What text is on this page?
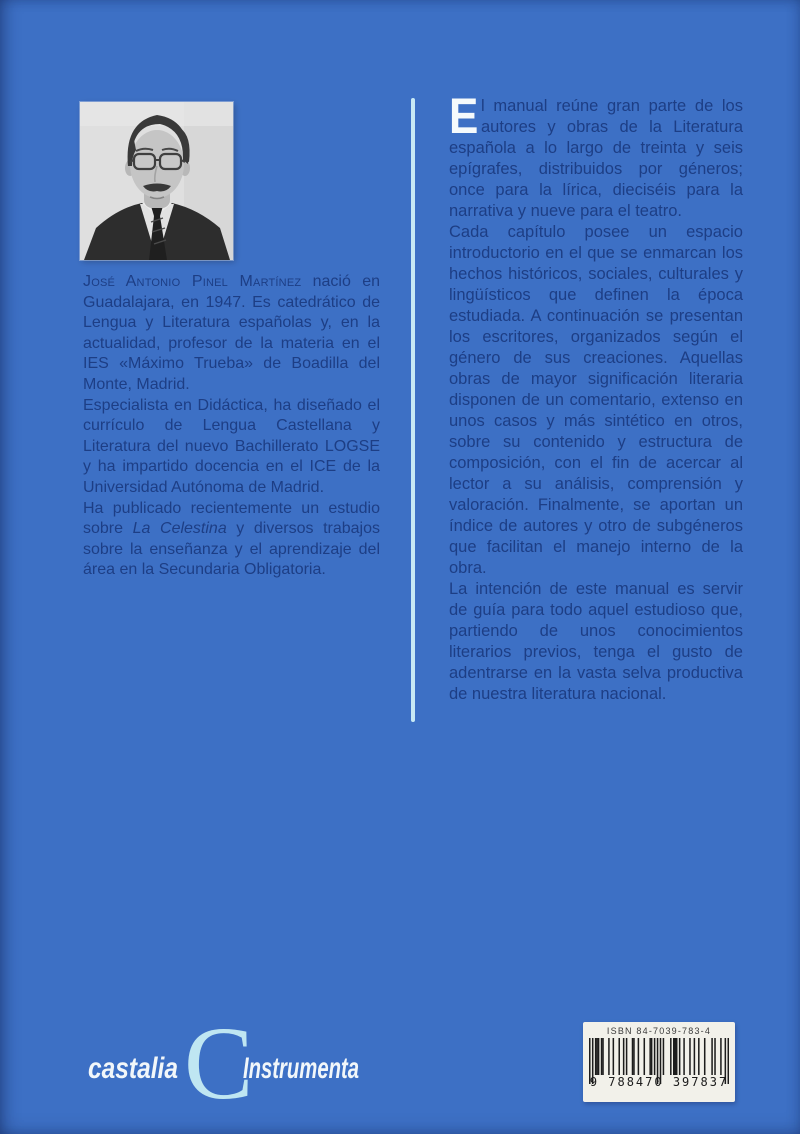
José Antonio Pinel Martínez nació en Guadalajara, en 1947. Es catedrático de Lengua y Literatura españolas y, en la actualidad, profesor de la materia en el IES «Máximo Trueba» de Boadilla del Monte, Madrid.

Especialista en Didáctica, ha diseñado el currículo de Lengua Castellana y Literatura del nuevo Bachillerato LOGSE y ha impartido docencia en el ICE de la Universidad Autónoma de Madrid.

Ha publicado recientemente un estudio sobre La Celestina y diversos trabajos sobre la enseñanza y el aprendizaje del área en la Secundaria Obligatoria.

El manual reúne gran parte de los autores y obras de la Literatura española a lo largo de treinta y seis epígrafes, distribuidos por géneros; once para la lírica, dieciséis para la narrativa y nueve para el teatro.

Cada capítulo posee un espacio introductorio en el que se enmarcan los hechos históricos, sociales, culturales y lingüísticos que definen la época estudiada. A continuación se presentan los escritores, organizados según el género de sus creaciones. Aquellas obras de mayor significación literaria disponen de un comentario, extenso en unos casos y más sintético en otros, sobre su contenido y estructura de composición, con el fin de acercar al lector a su análisis, comprensión y valoración. Finalmente, se aportan un índice de autores y otro de subgéneros que facilitan el manejo interno de la obra.

La intención de este manual es servir de guía para todo aquel estudioso que, partiendo de unos conocimientos literarios previos, tenga el gusto de adentrarse en la vasta selva productiva de nuestra literatura nacional.

C
castalia Instrumenta
ISBN 84-7039-783-4
9 788470 397837
